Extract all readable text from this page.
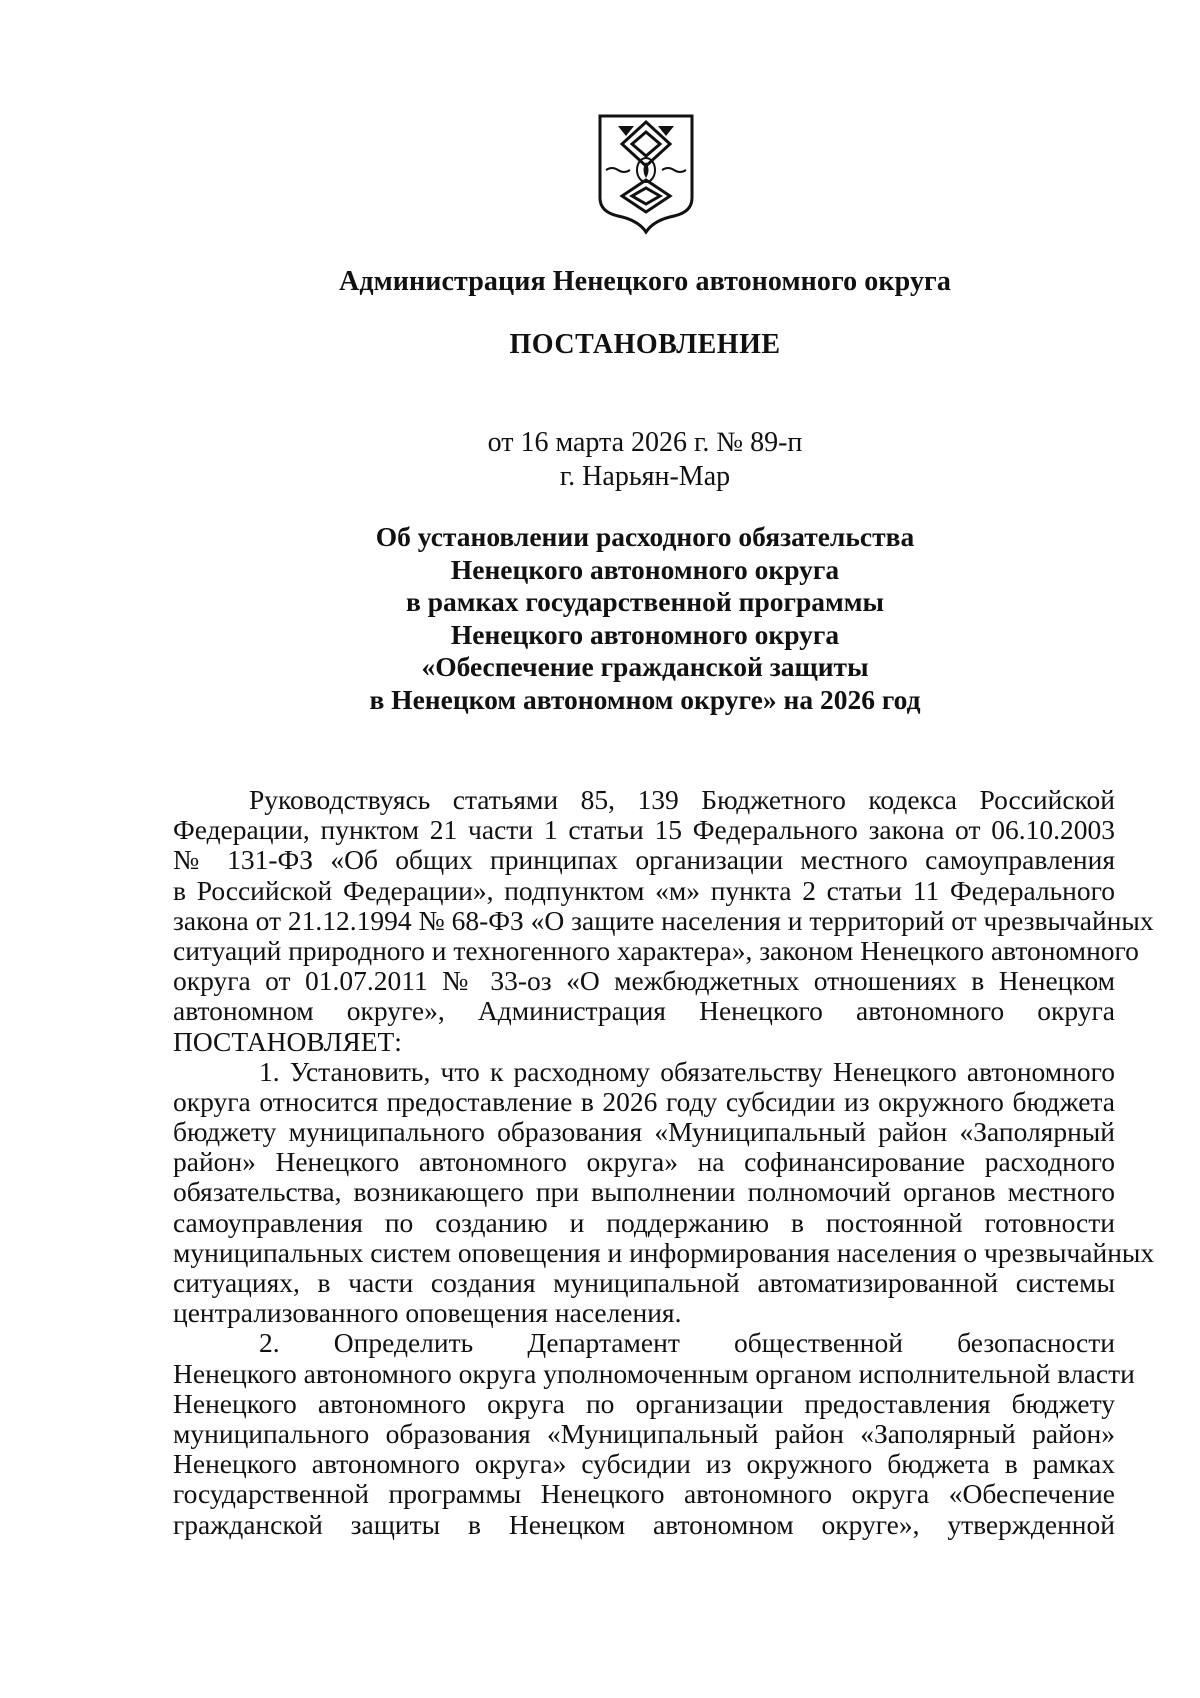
Администрация Ненецкого автономного округа
ПОСТАНОВЛЕНИЕ
от 16 марта 2026 г. № 89-п
г. Нарьян-Мар
Об установлении расходного обязательства
Ненецкого автономного округа
в рамках государственной программы
Ненецкого автономного округа
«Обеспечение гражданской защиты
в Ненецком автономном округе» на 2026 год
Руководствуясь статьями 85, 139 Бюджетного кодекса Российской
Федерации, пунктом 21 части 1 статьи 15 Федерального закона от 06.10.2003
№ 131-ФЗ «Об общих принципах организации местного самоуправления
в Российской Федерации», подпунктом «м» пункта 2 статьи 11 Федерального
закона от 21.12.1994 № 68-ФЗ «О защите населения и территорий от чрезвычайных
ситуаций природного и техногенного характера», законом Ненецкого автономного
округа от 01.07.2011 № 33-оз «О межбюджетных отношениях в Ненецком
автономном округе», Администрация Ненецкого автономного округа
ПОСТАНОВЛЯЕТ:
1. Установить, что к расходному обязательству Ненецкого автономного
округа относится предоставление в 2026 году субсидии из окружного бюджета
бюджету муниципального образования «Муниципальный район «Заполярный
район» Ненецкого автономного округа» на софинансирование расходного
обязательства, возникающего при выполнении полномочий органов местного
самоуправления по созданию и поддержанию в постоянной готовности
муниципальных систем оповещения и информирования населения о чрезвычайных
ситуациях, в части создания муниципальной автоматизированной системы
централизованного оповещения населения.
2. Определить Департамент общественной безопасности
Ненецкого автономного округа уполномоченным органом исполнительной власти
Ненецкого автономного округа по организации предоставления бюджету
муниципального образования «Муниципальный район «Заполярный район»
Ненецкого автономного округа» субсидии из окружного бюджета в рамках
государственной программы Ненецкого автономного округа «Обеспечение
гражданской защиты в Ненецком автономном округе», утвержденной
